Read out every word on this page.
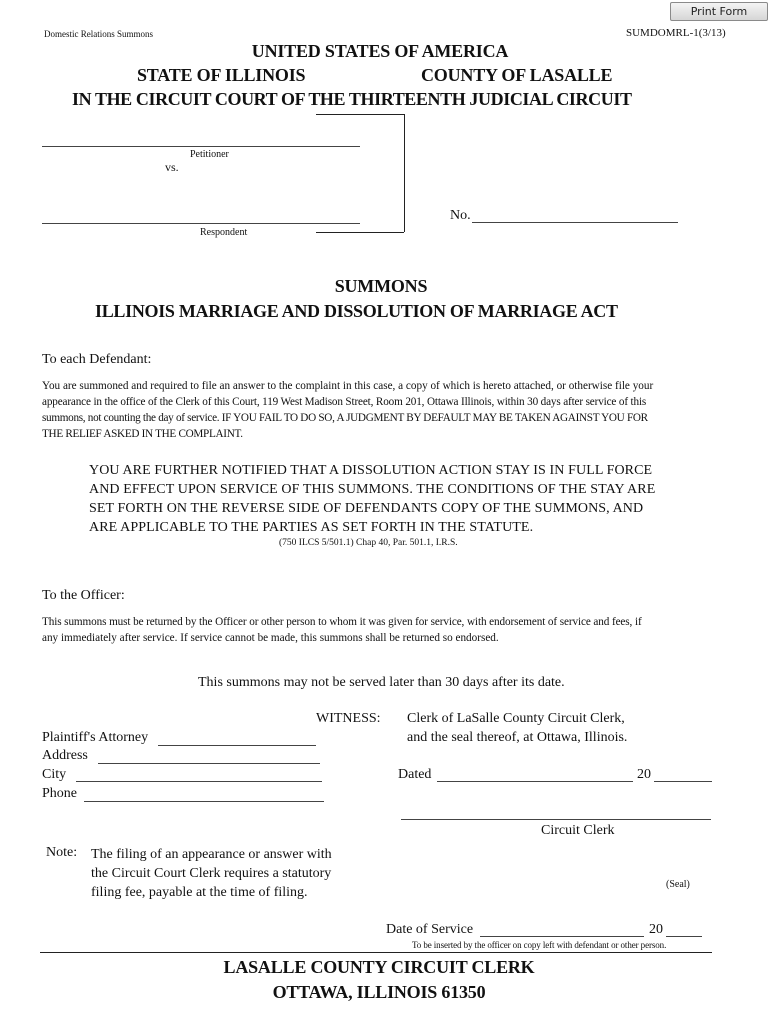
Print Form
Domestic Relations Summons	SUMDOMRL-1(3/13)
UNITED STATES OF AMERICA
STATE OF ILLINOIS	COUNTY OF LASALLE
IN THE CIRCUIT COURT OF THE THIRTEENTH JUDICIAL CIRCUIT
Petitioner
vs.
Respondent
No.
SUMMONS
ILLINOIS MARRIAGE AND DISSOLUTION OF MARRIAGE ACT
To each Defendant:
You are summoned and required to file an answer to the complaint in this case, a copy of which is hereto attached, or otherwise file your
appearance in the office of the Clerk of this Court, 119 West Madison Street, Room 201, Ottawa Illinois, within 30 days after service of this
summons, not counting the day of service. IF YOU FAIL TO DO SO, A JUDGMENT BY DEFAULT MAY BE TAKEN AGAINST YOU FOR
THE RELIEF ASKED IN THE COMPLAINT.
YOU ARE FURTHER NOTIFIED THAT A DISSOLUTION ACTION STAY IS IN FULL FORCE
AND EFFECT UPON SERVICE OF THIS SUMMONS. THE CONDITIONS OF THE STAY ARE
SET FORTH ON THE REVERSE SIDE OF DEFENDANTS COPY OF THE SUMMONS, AND
ARE APPLICABLE TO THE PARTIES AS SET FORTH IN THE STATUTE.
(750 ILCS 5/501.1) Chap 40, Par. 501.1, I.R.S.
To the Officer:
This summons must be returned by the Officer or other person to whom it was given for service, with endorsement of service and fees, if
any immediately after service. If service cannot be made, this summons shall be returned so endorsed.
This summons may not be served later than 30 days after its date.
WITNESS: Clerk of LaSalle County Circuit Clerk,
and the seal thereof, at Ottawa, Illinois.
Plaintiff's Attorney
Address
City
Phone
Dated	20
Circuit Clerk
Note: The filing of an appearance or answer with
the Circuit Court Clerk requires a statutory
filing fee, payable at the time of filing.
(Seal)
Date of Service	20
To be inserted by the officer on copy left with defendant or other person.
LASALLE COUNTY CIRCUIT CLERK
OTTAWA, ILLINOIS 61350
